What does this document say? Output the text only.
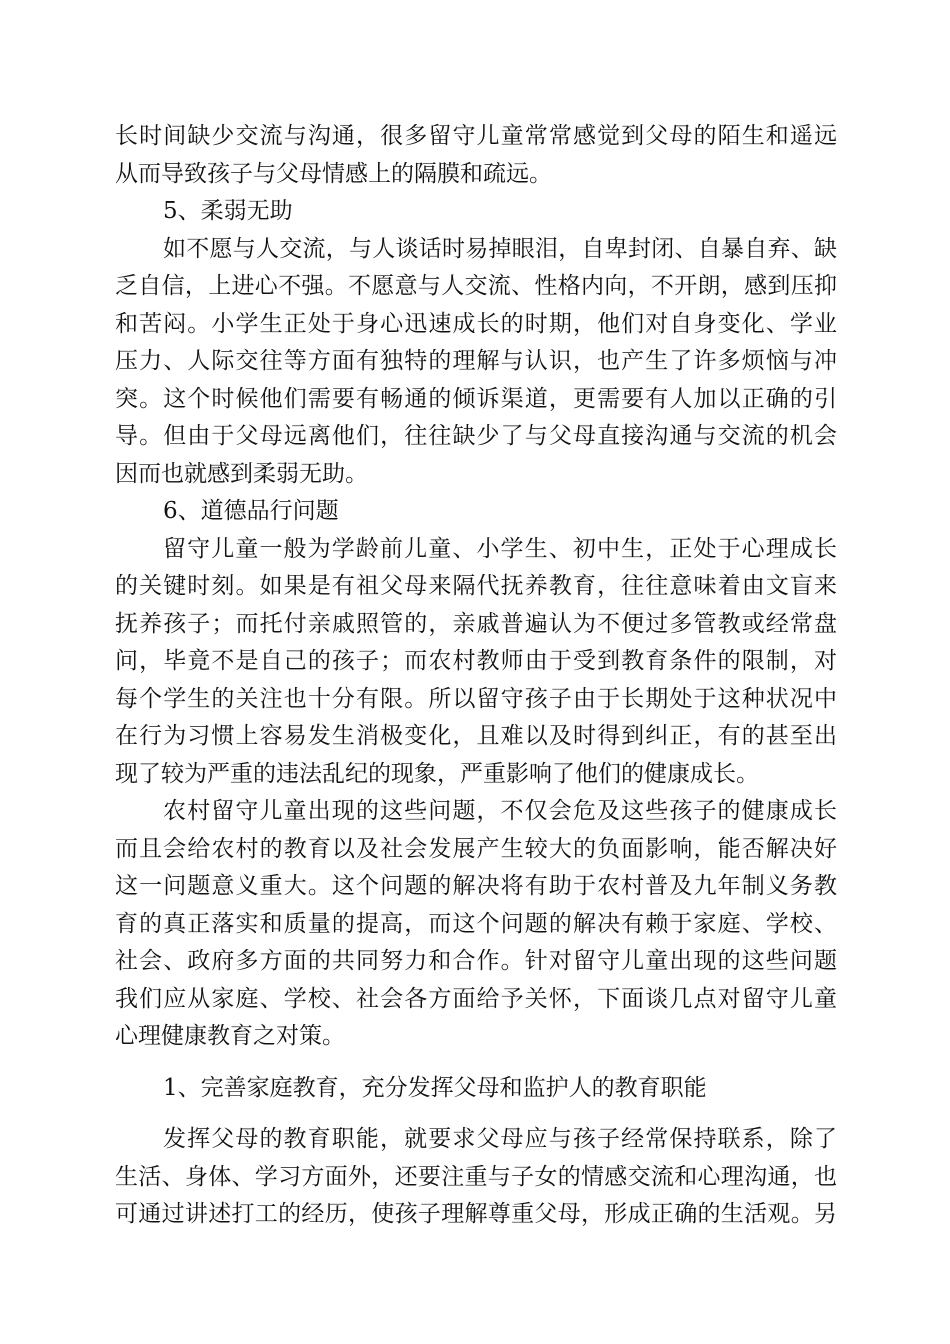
长时间缺少交流与沟通，很多留守儿童常常感觉到父母的陌生和遥远
从而导致孩子与父母情感上的隔膜和疏远。
5、柔弱无助
如不愿与人交流，与人谈话时易掉眼泪，自卑封闭、自暴自弃、缺
乏自信，上进心不强。不愿意与人交流、性格内向，不开朗，感到压抑
和苦闷。小学生正处于身心迅速成长的时期，他们对自身变化、学业
压力、人际交往等方面有独特的理解与认识，也产生了许多烦恼与冲
突。这个时候他们需要有畅通的倾诉渠道，更需要有人加以正确的引
导。但由于父母远离他们，往往缺少了与父母直接沟通与交流的机会
因而也就感到柔弱无助。
6、道德品行问题
留守儿童一般为学龄前儿童、小学生、初中生，正处于心理成长
的关键时刻。如果是有祖父母来隔代抚养教育，往往意味着由文盲来
抚养孩子；而托付亲戚照管的，亲戚普遍认为不便过多管教或经常盘
问，毕竟不是自己的孩子；而农村教师由于受到教育条件的限制，对
每个学生的关注也十分有限。所以留守孩子由于长期处于这种状况中
在行为习惯上容易发生消极变化，且难以及时得到纠正，有的甚至出
现了较为严重的违法乱纪的现象，严重影响了他们的健康成长。
农村留守儿童出现的这些问题，不仅会危及这些孩子的健康成长
而且会给农村的教育以及社会发展产生较大的负面影响，能否解决好
这一问题意义重大。这个问题的解决将有助于农村普及九年制义务教
育的真正落实和质量的提高，而这个问题的解决有赖于家庭、学校、
社会、政府多方面的共同努力和合作。针对留守儿童出现的这些问题
我们应从家庭、学校、社会各方面给予关怀，下面谈几点对留守儿童
心理健康教育之对策。
1、完善家庭教育，充分发挥父母和监护人的教育职能
发挥父母的教育职能，就要求父母应与孩子经常保持联系，除了
生活、身体、学习方面外，还要注重与子女的情感交流和心理沟通，也
可通过讲述打工的经历，使孩子理解尊重父母，形成正确的生活观。另
